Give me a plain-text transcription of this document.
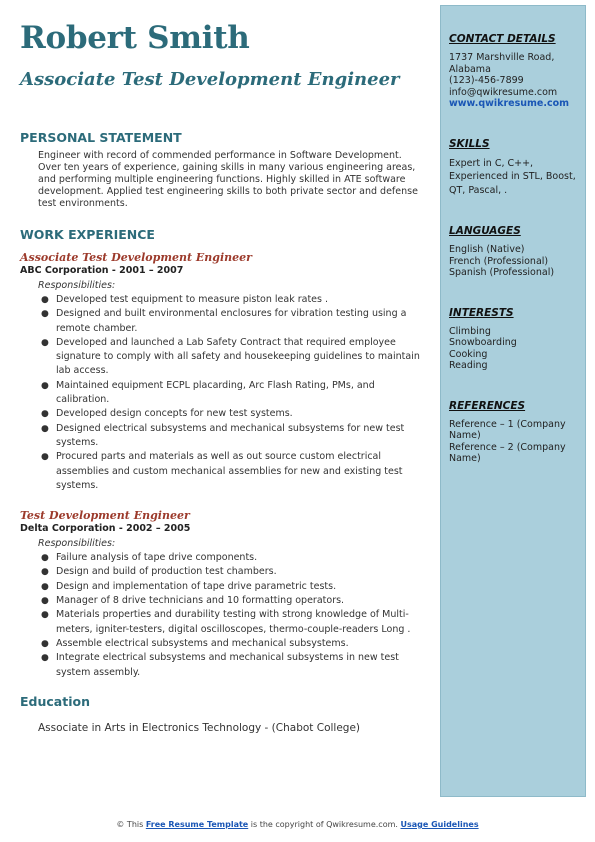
Robert Smith
Associate Test Development Engineer
PERSONAL STATEMENT

Engineer with record of commended performance in Software Development. Over ten years of experience, gaining skills in many various engineering areas, and performing multiple engineering functions. Highly skilled in ATE software development. Applied test engineering skills to both private sector and defense test environments.

WORK EXPERIENCE
Associate Test Development Engineer
ABC Corporation - 2001 – 2007
Responsibilities:
● Developed test equipment to measure piston leak rates .
● Designed and built environmental enclosures for vibration testing using a remote chamber.
● Developed and launched a Lab Safety Contract that required employee signature to comply with all safety and housekeeping guidelines to maintain lab access.
● Maintained equipment ECPL placarding, Arc Flash Rating, PMs, and calibration.
● Developed design concepts for new test systems.
● Designed electrical subsystems and mechanical subsystems for new test systems.
● Procured parts and materials as well as out source custom electrical assemblies and custom mechanical assemblies for new and existing test systems.
Test Development Engineer
Delta Corporation - 2002 – 2005
Responsibilities:
● Failure analysis of tape drive components.
● Design and build of production test chambers.
● Design and implementation of tape drive parametric tests.
● Manager of 8 drive technicians and 10 formatting operators.
● Materials properties and durability testing with strong knowledge of Multi-meters, igniter-testers, digital oscilloscopes, thermo-couple-readers Long .
● Assemble electrical subsystems and mechanical subsystems.
● Integrate electrical subsystems and mechanical subsystems in new test system assembly.
Education
Associate in Arts in Electronics Technology - (Chabot College)
CONTACT DETAILS
1737 Marshville Road,
Alabama
(123)-456-7899
info@qwikresume.com
www.qwikresume.com
SKILLS
Expert in C, C++, Experienced in STL, Boost, QT, Pascal, .
LANGUAGES
English (Native)
French (Professional)
Spanish (Professional)
INTERESTS
Climbing
Snowboarding
Cooking
Reading
REFERENCES
Reference – 1 (Company Name)
Reference – 2 (Company Name)
© This Free Resume Template is the copyright of Qwikresume.com. Usage Guidelines
